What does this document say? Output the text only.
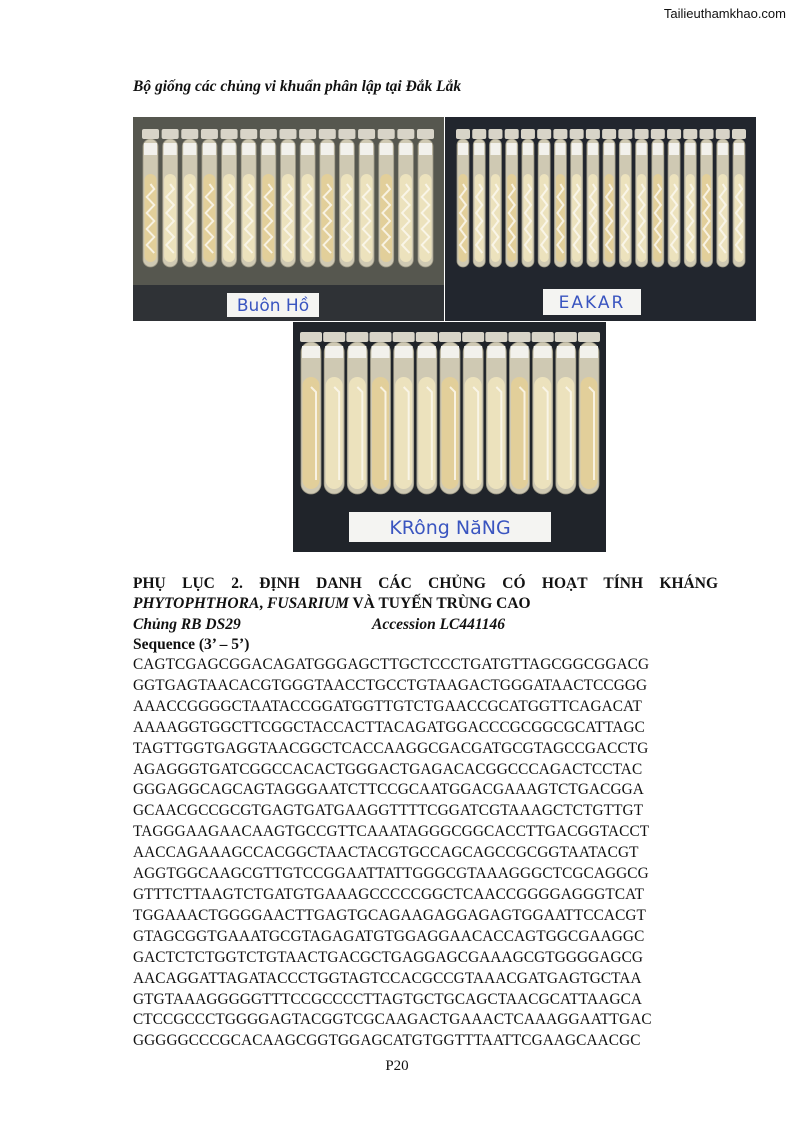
Tailieuthamkhao.com
Bộ giống các chủng vi khuẩn phân lập tại Đắk Lắk
Buôn Hồ	EAKAR
KRông NăNG
PHỤ LỤC 2. ĐỊNH DANH CÁC CHỦNG CÓ HOẠT TÍNH KHÁNG
PHYTOPHTHORA, FUSARIUM VÀ TUYẾN TRÙNG CAO
Chủng RB DS29	Accession LC441146
Sequence (3’ – 5’)
CAGTCGAGCGGACAGATGGGAGCTTGCTCCCTGATGTTAGCGGCGGACG
GGTGAGTAACACGTGGGTAACCTGCCTGTAAGACTGGGATAACTCCGGG
AAACCGGGGCTAATACCGGATGGTTGTCTGAACCGCATGGTTCAGACAT
AAAAGGTGGCTTCGGCTACCACTTACAGATGGACCCGCGGCGCATTAGC
TAGTTGGTGAGGTAACGGCTCACCAAGGCGACGATGCGTAGCCGACCTG
AGAGGGTGATCGGCCACACTGGGACTGAGACACGGCCCAGACTCCTAC
GGGAGGCAGCAGTAGGGAATCTTCCGCAATGGACGAAAGTCTGACGGA
GCAACGCCGCGTGAGTGATGAAGGTTTTCGGATCGTAAAGCTCTGTTGT
TAGGGAAGAACAAGTGCCGTTCAAATAGGGCGGCACCTTGACGGTACCT
AACCAGAAAGCCACGGCTAACTACGTGCCAGCAGCCGCGGTAATACGT
AGGTGGCAAGCGTTGTCCGGAATTATTGGGCGTAAAGGGCTCGCAGGCG
GTTTCTTAAGTCTGATGTGAAAGCCCCCGGCTCAACCGGGGAGGGTCAT
TGGAAACTGGGGAACTTGAGTGCAGAAGAGGAGAGTGGAATTCCACGT
GTAGCGGTGAAATGCGTAGAGATGTGGAGGAACACCAGTGGCGAAGGC
GACTCTCTGGTCTGTAACTGACGCTGAGGAGCGAAAGCGTGGGGAGCG
AACAGGATTAGATACCCTGGTAGTCCACGCCGTAAACGATGAGTGCTAA
GTGTAAAGGGGGTTTCCGCCCCTTAGTGCTGCAGCTAACGCATTAAGCA
CTCCGCCCTGGGGAGTACGGTCGCAAGACTGAAACTCAAAGGAATTGAC
GGGGGCCCGCACAAGCGGTGGAGCATGTGGTTTAATTCGAAGCAACGC
P20
